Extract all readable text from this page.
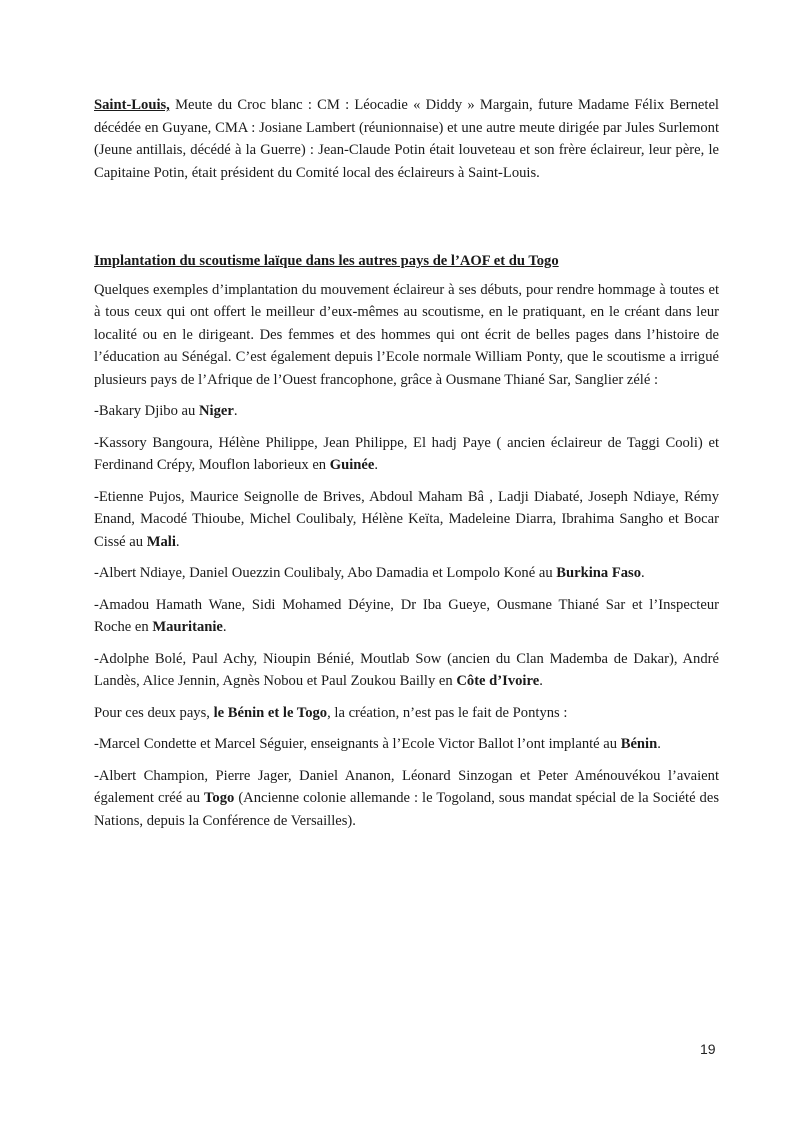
Saint-Louis, Meute du Croc blanc : CM : Léocadie « Diddy » Margain, future Madame Félix Bernetel décédée en Guyane, CMA : Josiane Lambert (réunionnaise) et une autre meute dirigée par Jules Surlemont (Jeune antillais, décédé à la Guerre) : Jean-Claude Potin était louveteau et son frère éclaireur, leur père, le Capitaine Potin, était président du Comité local des éclaireurs à Saint-Louis.

Implantation du scoutisme laïque dans les autres pays de l’AOF et du Togo

Quelques exemples d’implantation du mouvement éclaireur à ses débuts, pour rendre hommage à toutes et à tous ceux qui ont offert le meilleur d’eux-mêmes au scoutisme, en le pratiquant, en le créant dans leur localité ou en le dirigeant. Des femmes et des hommes qui ont écrit de belles pages dans l’histoire de l’éducation au Sénégal. C’est également depuis l’Ecole normale William Ponty, que le scoutisme a irrigué plusieurs pays de l’Afrique de l’Ouest francophone, grâce à Ousmane Thiané Sar, Sanglier zélé :

-Bakary Djibo au Niger.

-Kassory Bangoura, Hélène Philippe, Jean Philippe, El hadj Paye ( ancien éclaireur de Taggi Cooli) et Ferdinand Crépy, Mouflon laborieux en Guinée.

-Etienne Pujos, Maurice Seignolle de Brives, Abdoul Maham Bâ , Ladji Diabaté, Joseph Ndiaye, Rémy Enand, Macodé Thioube, Michel Coulibaly, Hélène Keïta, Madeleine Diarra, Ibrahima Sangho et Bocar Cissé au Mali.

-Albert Ndiaye, Daniel Ouezzin Coulibaly, Abo Damadia et Lompolo Koné au Burkina Faso.

-Amadou Hamath Wane, Sidi Mohamed Déyine, Dr Iba Gueye, Ousmane Thiané Sar et l’Inspecteur Roche en Mauritanie.

-Adolphe Bolé, Paul Achy, Nioupin Bénié, Moutlab Sow (ancien du Clan Mademba de Dakar), André Landès, Alice Jennin, Agnès Nobou et Paul Zoukou Bailly en Côte d’Ivoire.

Pour ces deux pays, le Bénin et le Togo, la création, n’est pas le fait de Pontyns :

-Marcel Condette et Marcel Séguier, enseignants à l’Ecole Victor Ballot l’ont implanté au Bénin.

-Albert Champion, Pierre Jager, Daniel Ananon, Léonard Sinzogan et Peter Aménouvékou l’avaient également créé au Togo (Ancienne colonie allemande : le Togoland, sous mandat spécial de la Société des Nations, depuis la Conférence de Versailles).

19
